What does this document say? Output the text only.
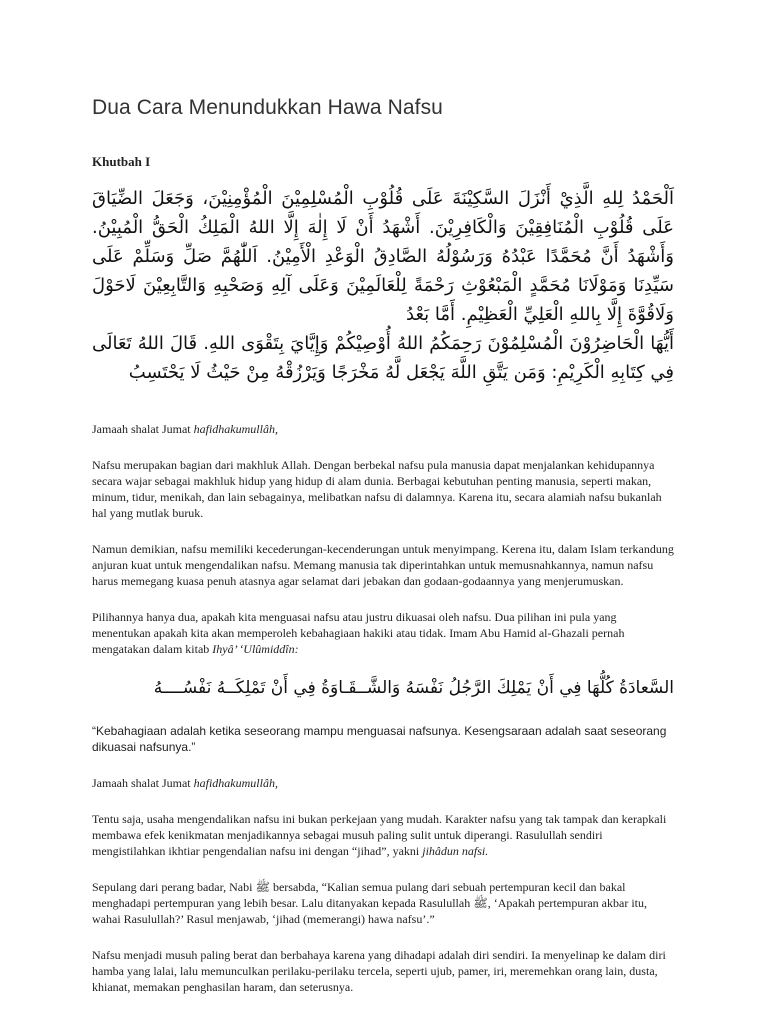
Dua Cara Menundukkan Hawa Nafsu
Khutbah I
اَلْحَمْدُ لِلهِ الَّذِيْ أَنْزَلَ السَّكِيْنَةَ عَلَى قُلُوْبِ الْمُسْلِمِيْنَ الْمُؤْمِنِيْنَ، وَجَعَلَ الضِّيَاقَ عَلَى قُلُوْبِ الْمُنَافِقِيْنَ وَالْكَافِرِيْنَ. أَشْهَدُ أَنْ لَا إِلٰهَ إِلَّا اللهُ الْمَلِكُ الْحَقُّ الْمُبِيْنُ. وَأَشْهَدُ أَنَّ مُحَمَّدًا عَبْدُهُ وَرَسُوْلُهُ الصَّادِقُ الْوَعْدِ الْأَمِيْنُ. اَللّٰهُمَّ صَلِّ وَسَلِّمْ عَلَى سَيِّدِنَا وَمَوْلَانَا مُحَمَّدٍ الْمَبْعُوْثِ رَحْمَةً لِلْعَالَمِيْنَ وَعَلَى آلِهِ وَصَحْبِهِ وَالتَّابِعِيْنَ لَاحَوْلَ وَلَاقُوَّةَ إِلَّا بِاللهِ الْعَلِيِّ الْعَظِيْمِ. أَمَّا بَعْدُ
أَيُّهَا الْحَاضِرُوْنَ الْمُسْلِمُوْنَ رَحِمَكُمُ اللهُ أُوْصِيْكُمْ وَإِيَّايَ بِتَقْوَى اللهِ. قَالَ اللهُ تَعَالَى فِي كِتَابِهِ الْكَرِيْمِ: وَمَن يَتَّقِ اللَّهَ يَجْعَل لَّهُ مَخْرَجًا وَيَرْزُقْهُ مِنْ حَيْثُ لَا يَحْتَسِبُ

Jamaah shalat Jumat hafidhakumullâh,

Nafsu merupakan bagian dari makhluk Allah. Dengan berbekal nafsu pula manusia dapat menjalankan kehidupannya secara wajar sebagai makhluk hidup yang hidup di alam dunia. Berbagai kebutuhan penting manusia, seperti makan, minum, tidur, menikah, dan lain sebagainya, melibatkan nafsu di dalamnya. Karena itu, secara alamiah nafsu bukanlah hal yang mutlak buruk.

Namun demikian, nafsu memiliki kecederungan-kecenderungan untuk menyimpang. Kerena itu, dalam Islam terkandung anjuran kuat untuk mengendalikan nafsu. Memang manusia tak diperintahkan untuk memusnahkannya, namun nafsu harus memegang kuasa penuh atasnya agar selamat dari jebakan dan godaan-godaannya yang menjerumuskan.

Pilihannya hanya dua, apakah kita menguasai nafsu atau justru dikuasai oleh nafsu. Dua pilihan ini pula yang menentukan apakah kita akan memperoleh kebahagiaan hakiki atau tidak. Imam Abu Hamid al-Ghazali pernah mengatakan dalam kitab Ihyâ’ ‘Ulûmiddîn:

السَّعادَةُ كُلُّهَا فِي أَنْ يَمْلِكَ الرَّجُلُ نَفْسَهُ وَالشَّــقَـاوَةُ فِي أَنْ تَمْلِكَــهُ نَفْسُــــهُ

“Kebahagiaan adalah ketika seseorang mampu menguasai nafsunya. Kesengsaraan adalah saat seseorang dikuasai nafsunya.”

Jamaah shalat Jumat hafidhakumullâh,

Tentu saja, usaha mengendalikan nafsu ini bukan perkejaan yang mudah. Karakter nafsu yang tak tampak dan kerapkali membawa efek kenikmatan menjadikannya sebagai musuh paling sulit untuk diperangi. Rasulullah sendiri mengistilahkan ikhtiar pengendalian nafsu ini dengan “jihad”, yakni jihâdun nafsi.

Sepulang dari perang badar, Nabi ﷺ bersabda, “Kalian semua pulang dari sebuah pertempuran kecil dan bakal menghadapi pertempuran yang lebih besar. Lalu ditanyakan kepada Rasulullah ﷺ, ‘Apakah pertempuran akbar itu, wahai Rasulullah?’ Rasul menjawab, ‘jihad (memerangi) hawa nafsu’.”

Nafsu menjadi musuh paling berat dan berbahaya karena yang dihadapi adalah diri sendiri. Ia menyelinap ke dalam diri hamba yang lalai, lalu memunculkan perilaku-perilaku tercela, seperti ujub, pamer, iri, meremehkan orang lain, dusta, khianat, memakan penghasilan haram, dan seterusnya.
